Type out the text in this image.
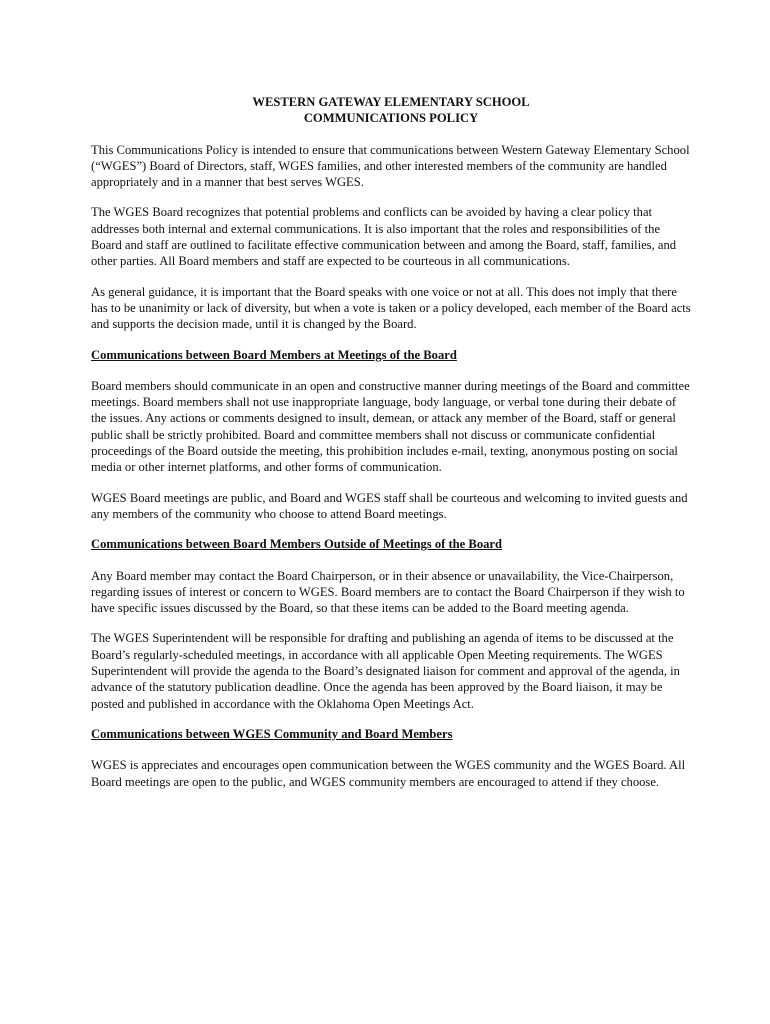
WESTERN GATEWAY ELEMENTARY SCHOOL

COMMUNICATIONS POLICY

This Communications Policy is intended to ensure that communications between Western Gateway Elementary School (“WGES”) Board of Directors, staff, WGES families, and other interested members of the community are handled appropriately and in a manner that best serves WGES.

The WGES Board recognizes that potential problems and conflicts can be avoided by having a clear policy that addresses both internal and external communications. It is also important that the roles and responsibilities of the Board and staff are outlined to facilitate effective communication between and among the Board, staff, families, and other parties. All Board members and staff are expected to be courteous in all communications.

As general guidance, it is important that the Board speaks with one voice or not at all. This does not imply that there has to be unanimity or lack of diversity, but when a vote is taken or a policy developed, each member of the Board acts and supports the decision made, until it is changed by the Board.

Communications between Board Members at Meetings of the Board

Board members should communicate in an open and constructive manner during meetings of the Board and committee meetings. Board members shall not use inappropriate language, body language, or verbal tone during their debate of the issues. Any actions or comments designed to insult, demean, or attack any member of the Board, staff or general public shall be strictly prohibited. Board and committee members shall not discuss or communicate confidential proceedings of the Board outside the meeting, this prohibition includes e-mail, texting, anonymous posting on social media or other internet platforms, and other forms of communication.

WGES Board meetings are public, and Board and WGES staff shall be courteous and welcoming to invited guests and any members of the community who choose to attend Board meetings.

Communications between Board Members Outside of Meetings of the Board

Any Board member may contact the Board Chairperson, or in their absence or unavailability, the Vice-Chairperson, regarding issues of interest or concern to WGES. Board members are to contact the Board Chairperson if they wish to have specific issues discussed by the Board, so that these items can be added to the Board meeting agenda.

The WGES Superintendent will be responsible for drafting and publishing an agenda of items to be discussed at the Board’s regularly-scheduled meetings, in accordance with all applicable Open Meeting requirements. The WGES Superintendent will provide the agenda to the Board’s designated liaison for comment and approval of the agenda, in advance of the statutory publication deadline. Once the agenda has been approved by the Board liaison, it may be posted and published in accordance with the Oklahoma Open Meetings Act.

Communications between WGES Community and Board Members

WGES is appreciates and encourages open communication between the WGES community and the WGES Board. All Board meetings are open to the public, and WGES community members are encouraged to attend if they choose.
